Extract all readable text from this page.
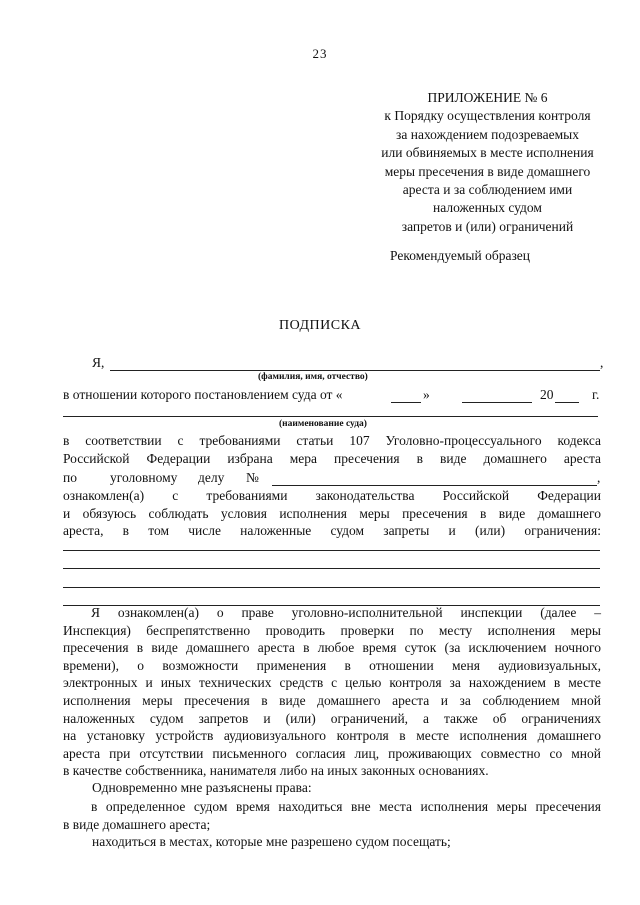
23
ПРИЛОЖЕНИЕ № 6
к Порядку осуществления контроля
за нахождением подозреваемых
или обвиняемых в месте исполнения
меры пресечения в виде домашнего
ареста и за соблюдением ими
наложенных судом
запретов и (или) ограничений
Рекомендуемый образец
ПОДПИСКА
Я,	,
(фамилия, имя, отчество)
в отношении которого постановлением суда от «	»	20	г.
(наименование суда)
в соответствии с требованиями статьи 107 Уголовно-процессуального кодекса
Российской Федерации избрана мера пресечения в виде домашнего ареста
по уголовному делу №	,
ознакомлен(а) с требованиями законодательства Российской Федерации
и обязуюсь соблюдать условия исполнения меры пресечения в виде домашнего
ареста, в том числе наложенные судом запреты и (или) ограничения:
Я ознакомлен(а) о праве уголовно-исполнительной инспекции (далее –
Инспекция) беспрепятственно проводить проверки по месту исполнения меры
пресечения в виде домашнего ареста в любое время суток (за исключением ночного
времени), о возможности применения в отношении меня аудиовизуальных,
электронных и иных технических средств с целью контроля за нахождением в месте
исполнения меры пресечения в виде домашнего ареста и за соблюдением мной
наложенных судом запретов и (или) ограничений, а также об ограничениях
на установку устройств аудиовизуального контроля в месте исполнения домашнего
ареста при отсутствии письменного согласия лиц, проживающих совместно со мной
в качестве собственника, нанимателя либо на иных законных основаниях.
Одновременно мне разъяснены права:
в определенное судом время находиться вне места исполнения меры пресечения
в виде домашнего ареста;
находиться в местах, которые мне разрешено судом посещать;
